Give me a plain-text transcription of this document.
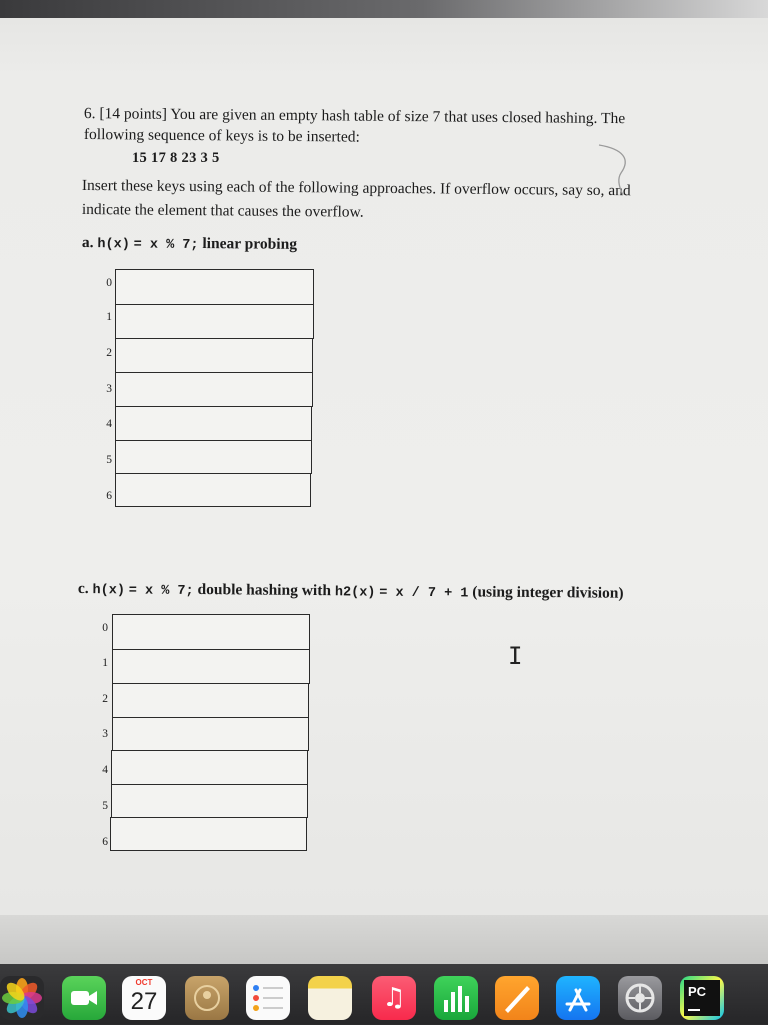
6. [14 points] You are given an empty hash table of size 7 that uses closed hashing. The
following sequence of keys is to be inserted:
15 17 8 23 3 5
Insert these keys using each of the following approaches. If overflow occurs, say so, and
indicate the element that causes the overflow.
a. h(x) = x % 7; linear probing
0
1
2
3
4
5
6
c. h(x) = x % 7; double hashing with h2(x) = x / 7 + 1 (using integer division)
0
1
2
3
4
5
6
I
OCT
27	♫	PC
